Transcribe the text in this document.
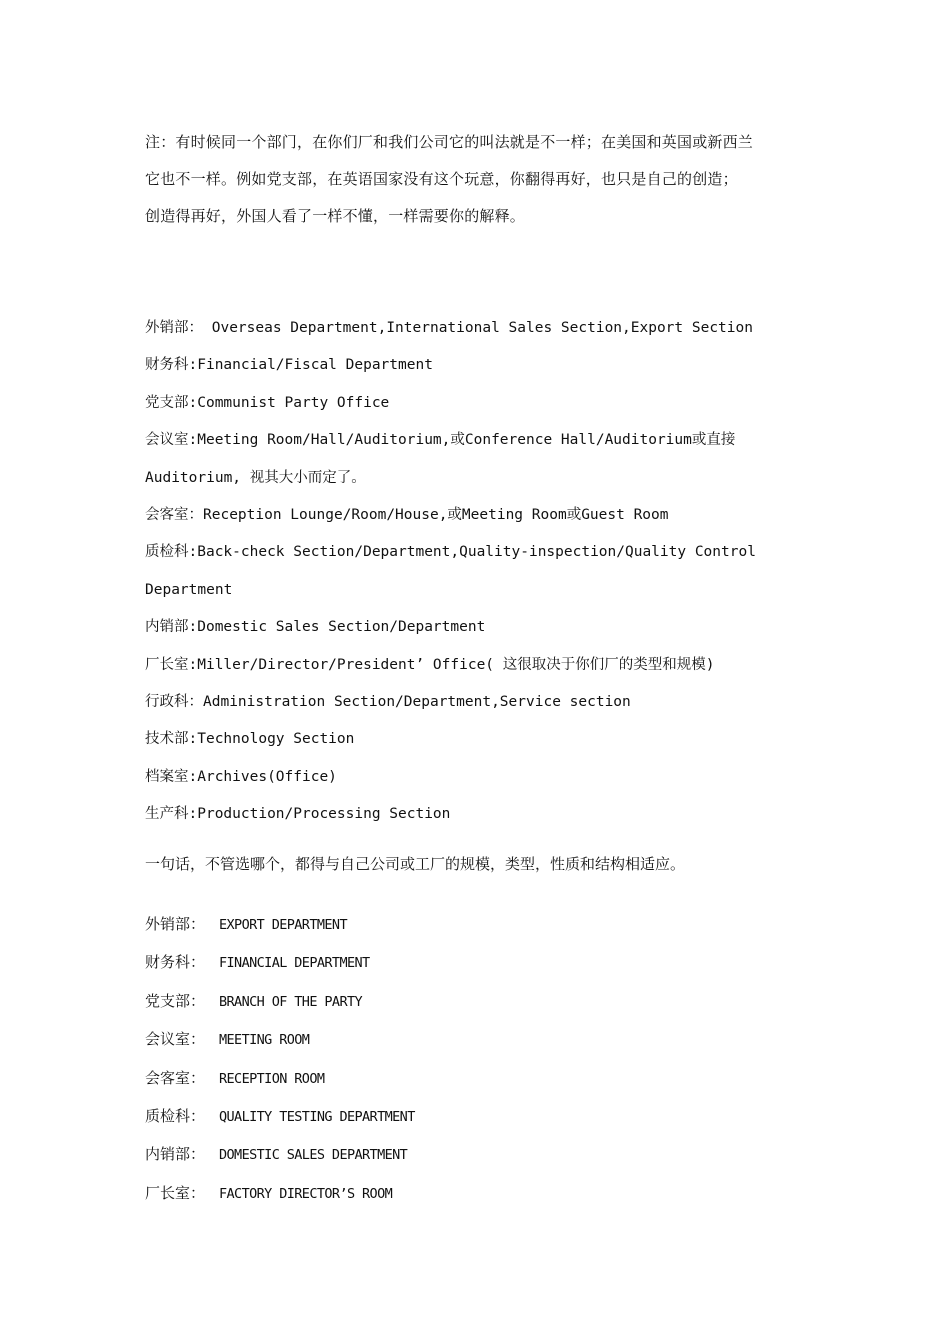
注：有时候同一个部门，在你们厂和我们公司它的叫法就是不一样；在美国和英国或新西兰

它也不一样。例如党支部，在英语国家没有这个玩意，你翻得再好，也只是自己的创造；

创造得再好，外国人看了一样不懂，一样需要你的解释。

外销部： Overseas Department,International Sales Section,Export Section
财务科:Financial/Fiscal Department
党支部:Communist Party Office
会议室:Meeting Room/Hall/Auditorium,或Conference Hall/Auditorium或直接
Auditorium, 视其大小而定了。
会客室：Reception Lounge/Room/House,或Meeting Room或Guest Room
质检科:Back-check Section/Department,Quality-inspection/Quality Control
Department
内销部:Domestic Sales Section/Department
厂长室:Miller/Director/President’ Office( 这很取决于你们厂的类型和规模)
行政科：Administration Section/Department,Service section
技术部:Technology Section
档案室:Archives(Office)
生产科:Production/Processing Section
一句话，不管选哪个，都得与自己公司或工厂的规模，类型，性质和结构相适应。
外销部： EXPORT DEPARTMENT
财务科： FINANCIAL DEPARTMENT
党支部： BRANCH OF THE PARTY
会议室： MEETING ROOM
会客室： RECEPTION ROOM
质检科： QUALITY TESTING DEPARTMENT
内销部： DOMESTIC SALES DEPARTMENT
厂长室： FACTORY DIRECTOR’S ROOM
